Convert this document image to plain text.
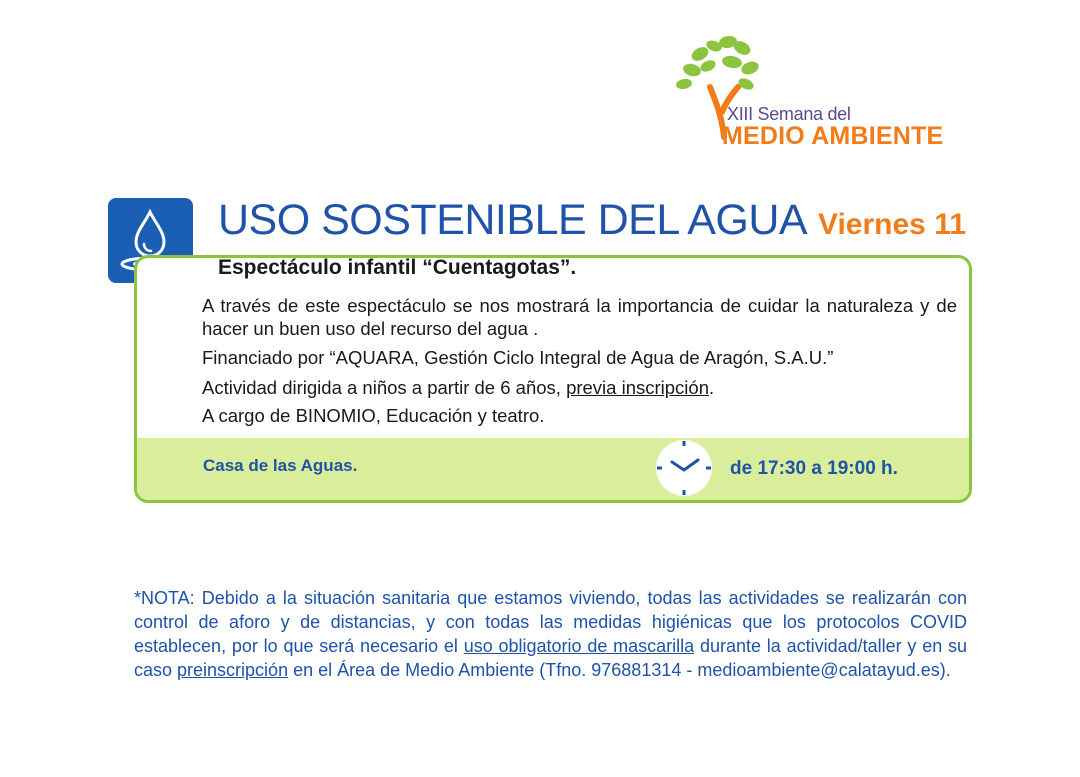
XIII Semana del
MEDIO AMBIENTE
USO SOSTENIBLE DEL AGUA Viernes 11
Espectáculo infantil “Cuentagotas”.

A través de este espectáculo se nos mostrará la importancia de cuidar la naturaleza y de hacer un buen uso del recurso del agua .

Financiado por “AQUARA, Gestión Ciclo Integral de Agua de Aragón, S.A.U.”

Actividad dirigida a niños a partir de 6 años, previa inscripción.

A cargo de BINOMIO, Educación y teatro.

Casa de las Aguas.	de 17:30 a 19:00 h.

*NOTA: Debido a la situación sanitaria que estamos viviendo, todas las actividades se realizarán con control de aforo y de distancias, y con todas las medidas higiénicas que los protocolos COVID establecen, por lo que será necesario el uso obligatorio de mascarilla durante la actividad/taller y en su caso preinscripción en el Área de Medio Ambiente (Tfno. 976881314 - medioambiente@calatayud.es).
